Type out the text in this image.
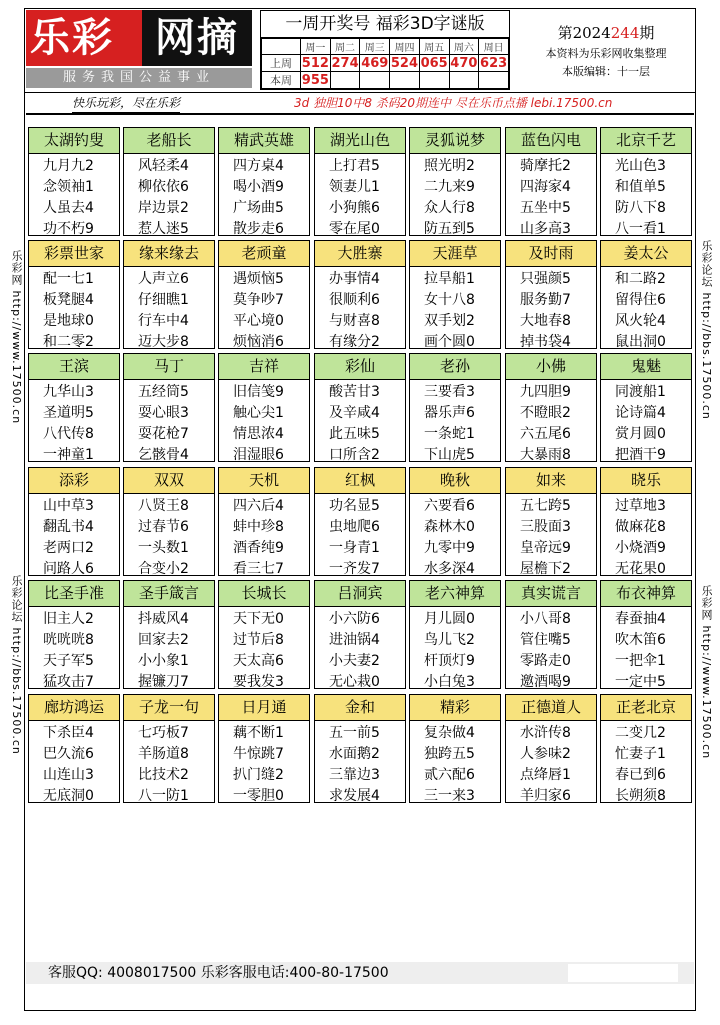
乐彩	网摘
服务我国公益事业
一周开奖号 福彩3D字谜版
	周一	周二	周三	周四	周五	周六	周日
上周	512	274	469	524	065	470	623
本周	955						
第2024244期
本资料为乐彩网收集整理
本版编辑：十一层
快乐玩彩，尽在乐彩	3d 独胆10中8 杀码20期连中 尽在乐币点播 lebi.17500.cn
乐彩网 http://www.17500.cn
乐彩论坛 http://bbs.17500.cn
乐彩论坛 http://bbs.17500.cn
乐彩网 http://www.17500.cn
太湖钓叟
九月九2
念领袖1
人虽去4
功不朽9
老船长
风轻柔4
柳依依6
岸边景2
惹人迷5
精武英雄
四方桌4
喝小酒9
广场曲5
散步走6
湖光山色
上打君5
领妻儿1
小狗熊6
零在尾0
灵狐说梦
照光明2
二九来9
众人行8
防五到5
蓝色闪电
骑摩托2
四海家4
五坐中5
山多高3
北京千艺
光山色3
和值单5
防八下8
八一看1
彩票世家
配一七1
板凳腿4
是地球0
和二零2
缘来缘去
人声立6
仔细瞧1
行车中4
迈大步8
老顽童
遇烦恼5
莫争吵7
平心境0
烦恼消6
大胜寨
办事情4
很顺利6
与财喜8
有缘分2
天涯草
拉旱船1
女十八8
双手划2
画个圆0
及时雨
只强颜5
服务勤7
大地春8
掉书袋4
姜太公
和二路2
留得住6
风火轮4
鼠出洞0
王滨
九华山3
圣道明5
八代传8
一神童1
马丁
五经筒5
耍心眼3
耍花枪7
乞骸骨4
吉祥
旧信笺9
触心尖1
情思浓4
泪湿眼6
彩仙
酸苦甘3
及辛咸4
此五味5
口所含2
老孙
三要看3
器乐声6
一条蛇1
下山虎5
小佛
九四胆9
不瞪眼2
六五尾6
大暴雨8
鬼魅
同渡船1
论诗篇4
赏月圆0
把酒干9
添彩
山中草3
翻乱书4
老两口2
问路人6
双双
八贤王8
过春节6
一头数1
合变小2
天机
四六后4
蚌中珍8
酒香纯9
看三七7
红枫
功名显5
虫地爬6
一身青1
一齐发7
晚秋
六要看6
森林木0
九零中9
水多深4
如来
五七跨5
三股面3
皇帝远9
屋檐下2
晓乐
过草地3
做麻花8
小烧酒9
无花果0
比圣手准
旧主人2
咣咣咣8
天子军5
猛攻击7
圣手箴言
抖威风4
回家去2
小小象1
握镰刀7
长城长
天下无0
过节后8
天太高6
要我发3
吕洞宾
小六防6
进油锅4
小夫妻2
无心栽0
老六神算
月儿圆0
鸟儿飞2
杆顶灯9
小白兔3
真实谎言
小八哥8
管住嘴5
零路走0
邀酒喝9
布衣神算
春蚕抽4
吹木笛6
一把伞1
一定中5
廊坊鸿运
下杀臣4
巴久流6
山连山3
无底洞0
子龙一句
七巧板7
羊肠道8
比技术2
八一防1
日月通
藕不断1
牛惊跳7
扒门缝2
一零胆0
金和
五一前5
水面鹅2
三靠边3
求发展4
精彩
复杂做4
独跨五5
贰六配6
三一来3
正德道人
水浒传8
人参味2
点绛唇1
羊归家6
正老北京
二变几2
忙妻子1
春已到6
长朔须8
客服QQ: 4008017500 乐彩客服电话:400-80-17500
